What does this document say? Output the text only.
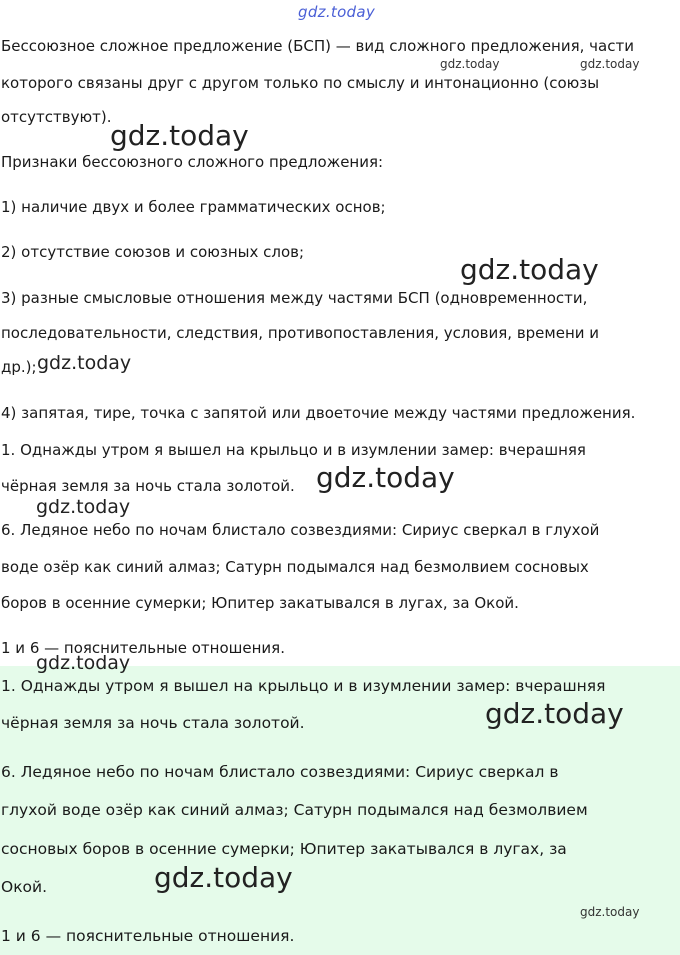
gdz.today
Бессоюзное сложное предложение (БСП) — вид сложного предложения, части
которого связаны друг с другом только по смыслу и интонационно (союзы
отсутствуют).
Признаки бессоюзного сложного предложения:
1) наличие двух и более грамматических основ;
2) отсутствие союзов и союзных слов;
3) разные смысловые отношения между частями БСП (одновременности,
последовательности, следствия, противопоставления, условия, времени и
др.);
4) запятая, тире, точка с запятой или двоеточие между частями предложения.
1. Однажды утром я вышел на крыльцо и в изумлении замер: вчерашняя
чёрная земля за ночь стала золотой.
6. Ледяное небо по ночам блистало созвездиями: Сириус сверкал в глухой
воде озёр как синий алмаз; Сатурн подымался над безмолвием сосновых
боров в осенние сумерки; Юпитер закатывался в лугах, за Окой.
1 и 6 — пояснительные отношения.
1. Однажды утром я вышел на крыльцо и в изумлении замер: вчерашняя
чёрная земля за ночь стала золотой.
6. Ледяное небо по ночам блистало созвездиями: Сириус сверкал в
глухой воде озёр как синий алмаз; Сатурн подымался над безмолвием
сосновых боров в осенние сумерки; Юпитер закатывался в лугах, за
Окой.
1 и 6 — пояснительные отношения.
gdz.today	gdz.today
gdz.today
gdz.today
gdz.today
gdz.today
gdz.today
gdz.today
gdz.today
gdz.today
gdz.today
